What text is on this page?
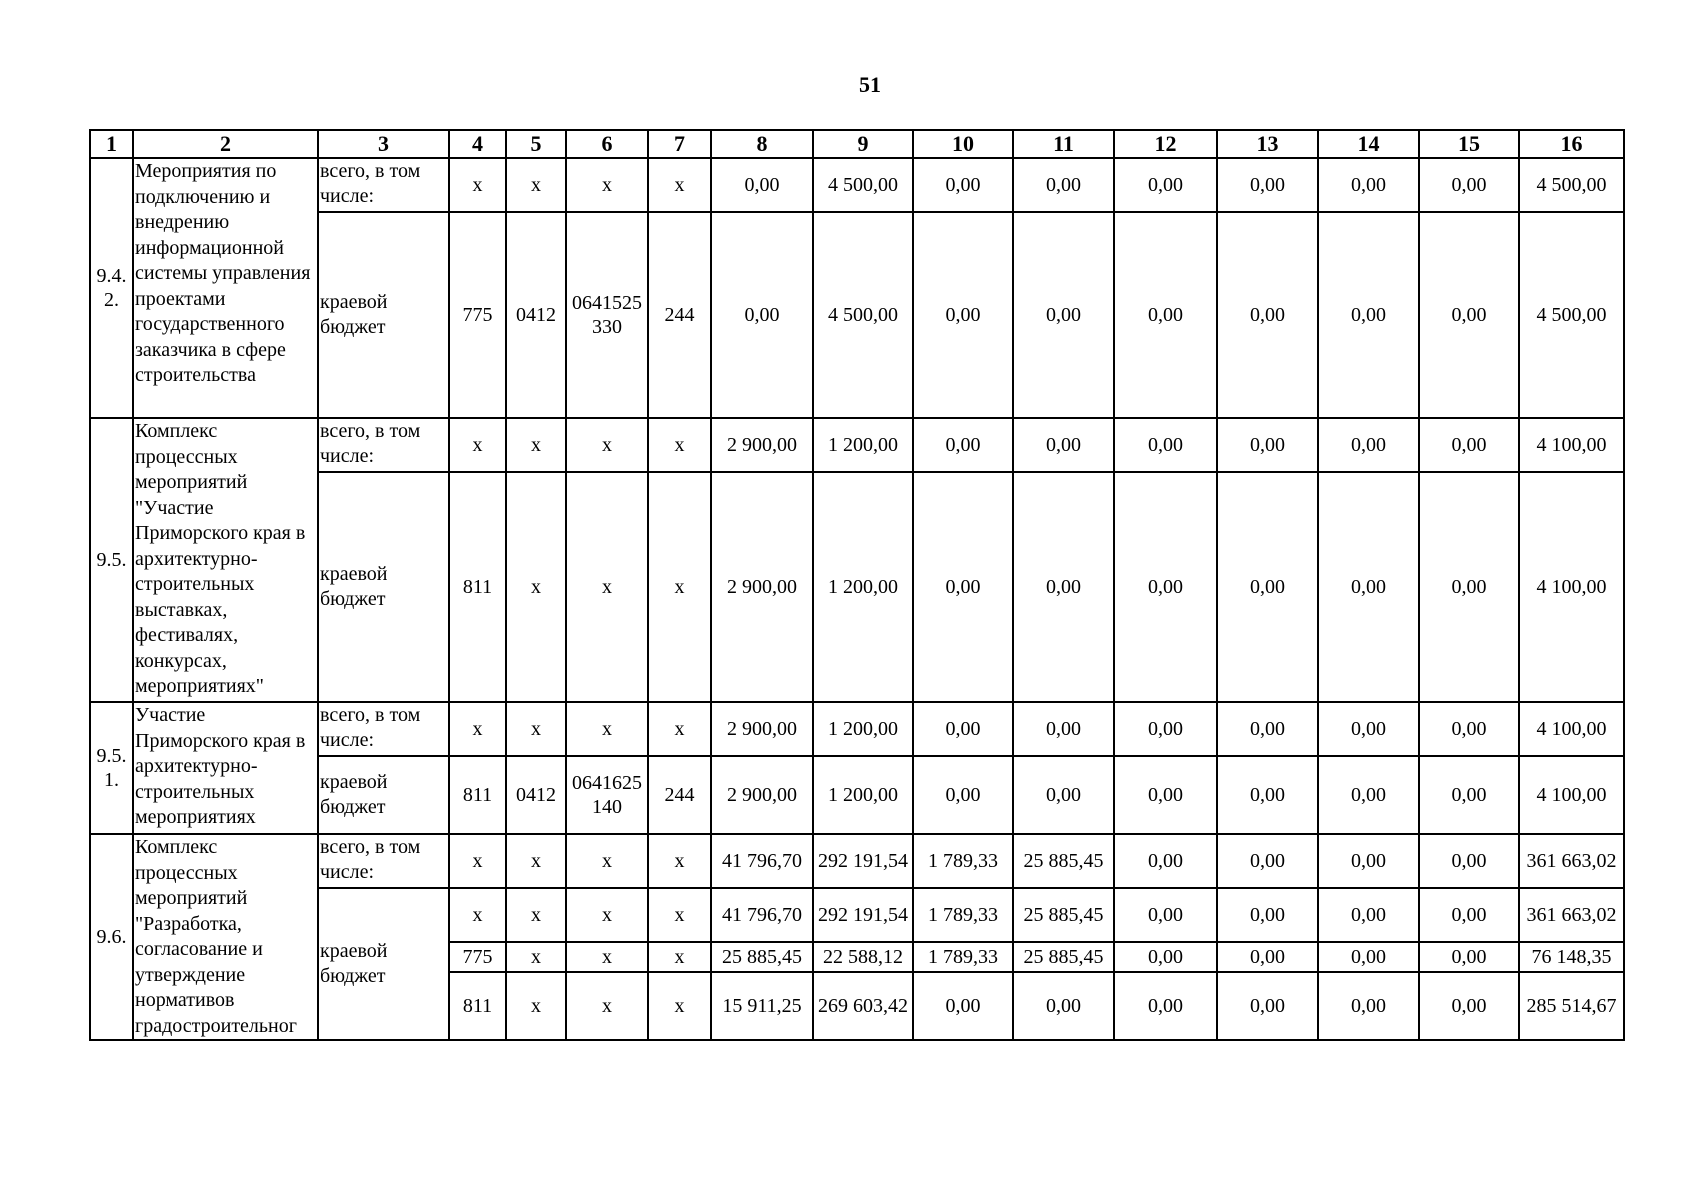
51
1	2	3	4	5	6	7	8	9	10	11	12	13	14	15	16
9.4. 2.	Мероприятия по подключению и внедрению информационной системы управления проектами государственного заказчика в сфере строительства	всего, в том числе:	x	x	x	x	0,00	4 500,00	0,00	0,00	0,00	0,00	0,00	0,00	4 500,00
		краевой бюджет	775	0412	0641525330	244	0,00	4 500,00	0,00	0,00	0,00	0,00	0,00	0,00	4 500,00
9.5.	Комплекс процессных мероприятий "Участие Приморского края в архитектурно-строительных выставках, фестивалях, конкурсах, мероприятиях"	всего, в том числе:	x	x	x	x	2 900,00	1 200,00	0,00	0,00	0,00	0,00	0,00	0,00	4 100,00
		краевой бюджет	811	x	x	x	2 900,00	1 200,00	0,00	0,00	0,00	0,00	0,00	0,00	4 100,00
9.5. 1.	Участие Приморского края в архитектурно-строительных мероприятиях	всего, в том числе:	x	x	x	x	2 900,00	1 200,00	0,00	0,00	0,00	0,00	0,00	0,00	4 100,00
		краевой бюджет	811	0412	0641625140	244	2 900,00	1 200,00	0,00	0,00	0,00	0,00	0,00	0,00	4 100,00
9.6.	Комплекс процессных мероприятий "Разработка, согласование и утверждение нормативов градостроительног	всего, в том числе:	x	x	x	x	41 796,70	292 191,54	1 789,33	25 885,45	0,00	0,00	0,00	0,00	361 663,02
		краевой бюджет	x	x	x	x	41 796,70	292 191,54	1 789,33	25 885,45	0,00	0,00	0,00	0,00	361 663,02
			775	x	x	x	25 885,45	22 588,12	1 789,33	25 885,45	0,00	0,00	0,00	0,00	76 148,35
			811	x	x	x	15 911,25	269 603,42	0,00	0,00	0,00	0,00	0,00	0,00	285 514,67
